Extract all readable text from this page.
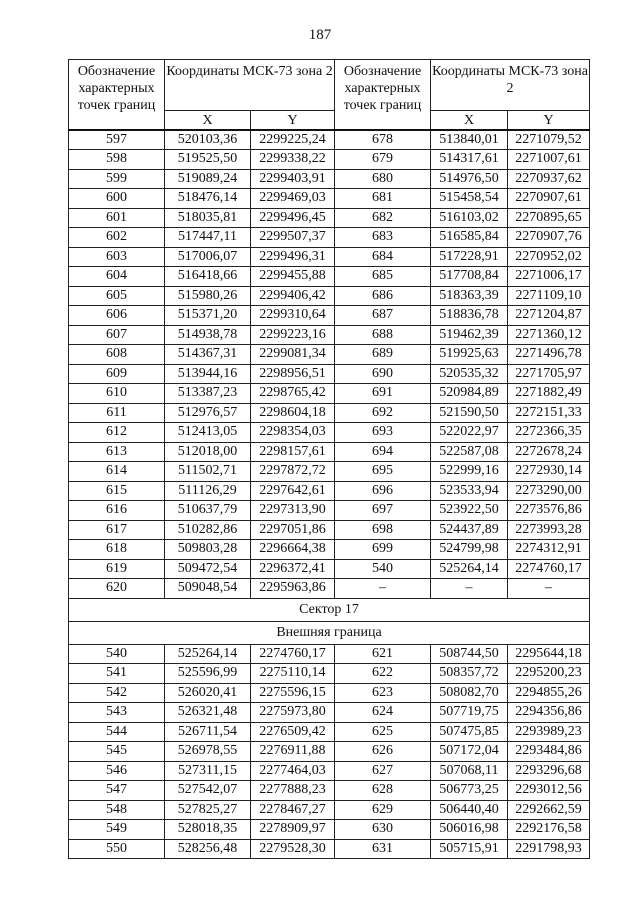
187
Обозначение характерных точек границ	Координаты МСК-73 зона 2		Обозначение характерных точек границ	Координаты МСК-73 зона 2	
	X	Y		X	Y
597	520103,36	2299225,24	678	513840,01	2271079,52
598	519525,50	2299338,22	679	514317,61	2271007,61
599	519089,24	2299403,91	680	514976,50	2270937,62
600	518476,14	2299469,03	681	515458,54	2270907,61
601	518035,81	2299496,45	682	516103,02	2270895,65
602	517447,11	2299507,37	683	516585,84	2270907,76
603	517006,07	2299496,31	684	517228,91	2270952,02
604	516418,66	2299455,88	685	517708,84	2271006,17
605	515980,26	2299406,42	686	518363,39	2271109,10
606	515371,20	2299310,64	687	518836,78	2271204,87
607	514938,78	2299223,16	688	519462,39	2271360,12
608	514367,31	2299081,34	689	519925,63	2271496,78
609	513944,16	2298956,51	690	520535,32	2271705,97
610	513387,23	2298765,42	691	520984,89	2271882,49
611	512976,57	2298604,18	692	521590,50	2272151,33
612	512413,05	2298354,03	693	522022,97	2272366,35
613	512018,00	2298157,61	694	522587,08	2272678,24
614	511502,71	2297872,72	695	522999,16	2272930,14
615	511126,29	2297642,61	696	523533,94	2273290,00
616	510637,79	2297313,90	697	523922,50	2273576,86
617	510282,86	2297051,86	698	524437,89	2273993,28
618	509803,28	2296664,38	699	524799,98	2274312,91
619	509472,54	2296372,41	540	525264,14	2274760,17
620	509048,54	2295963,86	–	–	–
Сектор 17					
Внешняя граница					
540	525264,14	2274760,17	621	508744,50	2295644,18
541	525596,99	2275110,14	622	508357,72	2295200,23
542	526020,41	2275596,15	623	508082,70	2294855,26
543	526321,48	2275973,80	624	507719,75	2294356,86
544	526711,54	2276509,42	625	507475,85	2293989,23
545	526978,55	2276911,88	626	507172,04	2293484,86
546	527311,15	2277464,03	627	507068,11	2293296,68
547	527542,07	2277888,23	628	506773,25	2293012,56
548	527825,27	2278467,27	629	506440,40	2292662,59
549	528018,35	2278909,97	630	506016,98	2292176,58
550	528256,48	2279528,30	631	505715,91	2291798,93
